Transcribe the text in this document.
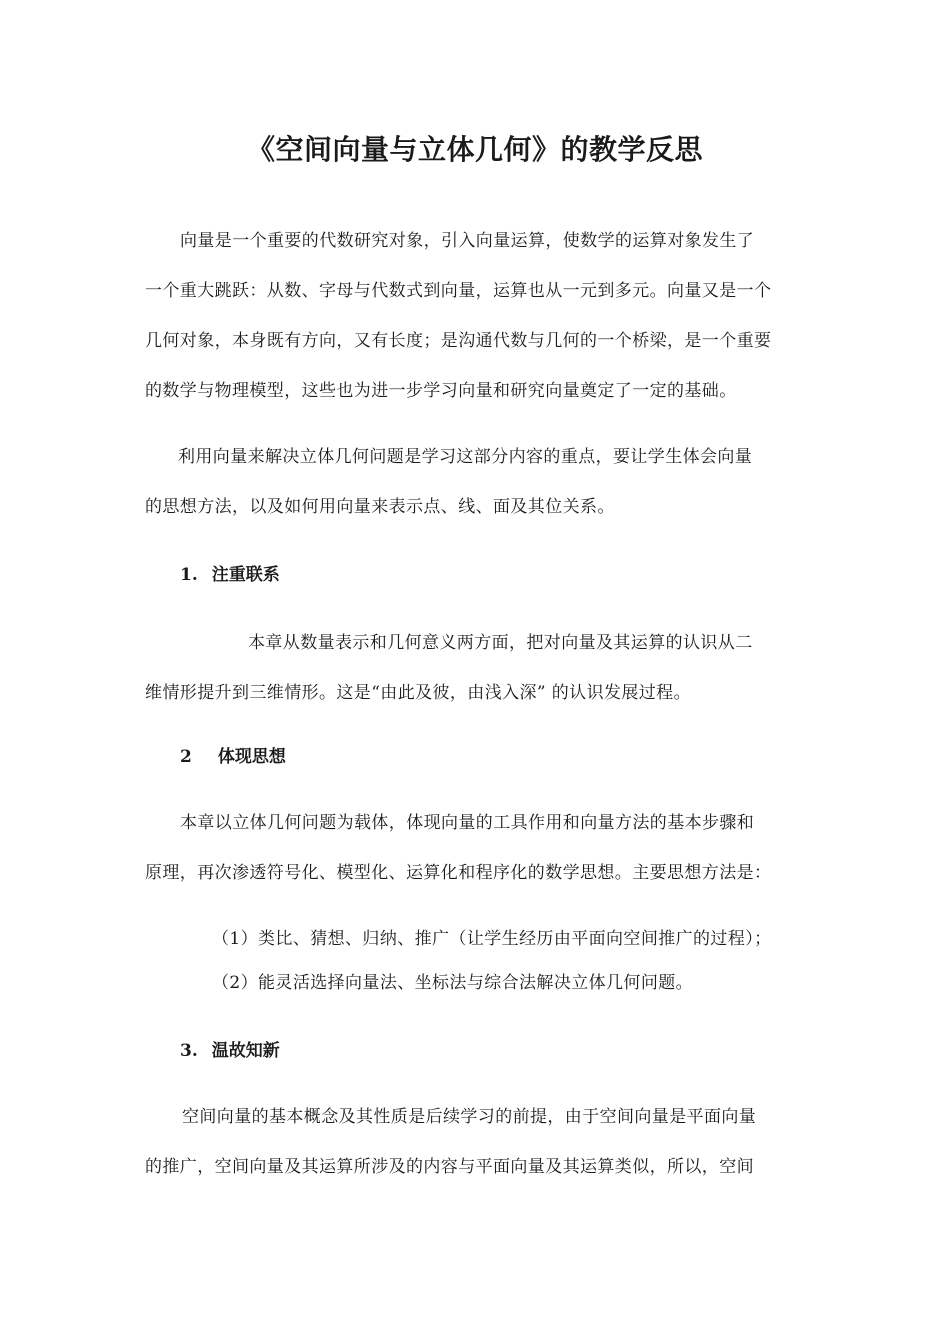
《空间向量与立体几何》的教学反思
向量是一个重要的代数研究对象，引入向量运算，使数学的运算对象发生了
一个重大跳跃：从数、字母与代数式到向量，运算也从一元到多元。向量又是一个
几何对象，本身既有方向，又有长度；是沟通代数与几何的一个桥梁，是一个重要
的数学与物理模型，这些也为进一步学习向量和研究向量奠定了一定的基础。
利用向量来解决立体几何问题是学习这部分内容的重点，要让学生体会向量
的思想方法，以及如何用向量来表示点、线、面及其位关系。
1. 注重联系
本章从数量表示和几何意义两方面，把对向量及其运算的认识从二
维情形提升到三维情形。这是“由此及彼，由浅入深” 的认识发展过程。
2 体现思想
本章以立体几何问题为载体，体现向量的工具作用和向量方法的基本步骤和
原理，再次渗透符号化、模型化、运算化和程序化的数学思想。主要思想方法是：
（1）类比、猜想、归纳、推广（让学生经历由平面向空间推广的过程）；
（2）能灵活选择向量法、坐标法与综合法解决立体几何问题。
3. 温故知新
空间向量的基本概念及其性质是后续学习的前提，由于空间向量是平面向量
的推广，空间向量及其运算所涉及的内容与平面向量及其运算类似，所以，空间
